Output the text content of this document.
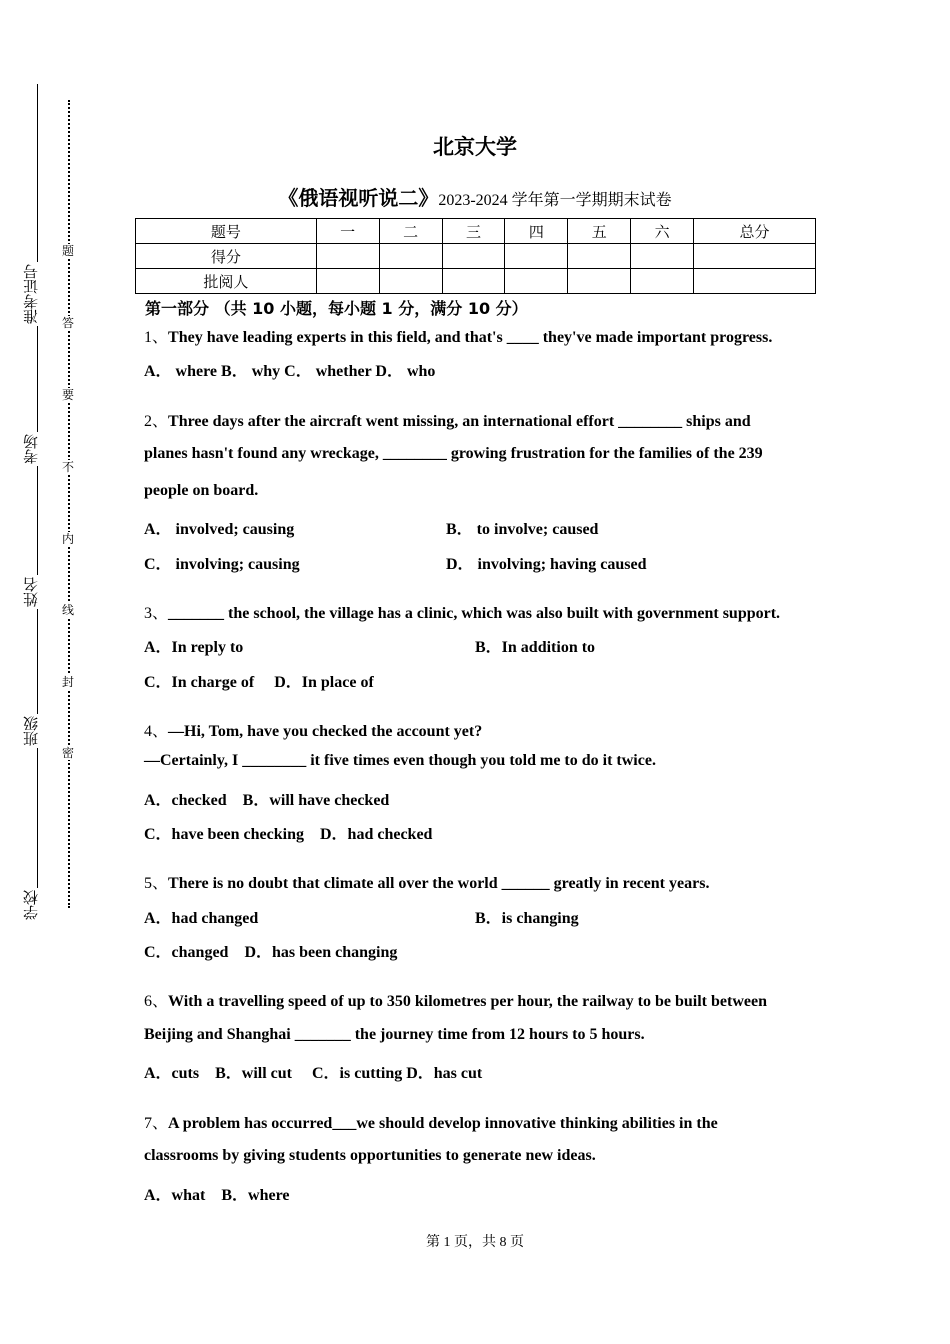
准考证号
考场
姓名
班级
学校
题
答
要
不
内
线
封
密
北京大学
《俄语视听说二》2023-2024 学年第一学期期末试卷
题号	一	二	三	四	五	六	总分
得分							
批阅人							
第一部分 （共 10 小题，每小题 1 分，满分 10 分）
1、They have leading experts in this field, and that's ____ they've made important progress.
A． where B． why C． whether D． who
2、Three days after the aircraft went missing, an international effort ________ ships and
planes hasn't found any wreckage, ________ growing frustration for the families of the 239
people on board.
A． involved; causing	B． to involve; caused
C． involving; causing	D． involving; having caused
3、_______ the school, the village has a clinic, which was also built with government support.
A．In reply to	B．In addition to
C．In charge of　 D．In place of
4、—Hi, Tom, have you checked the account yet?
—Certainly, I ________ it five times even though you told me to do it twice.
A．checked　B．will have checked
C．have been checking　D．had checked
5、There is no doubt that climate all over the world ______ greatly in recent years.
A．had changed	B．is changing
C．changed　D．has been changing
6、With a travelling speed of up to 350 kilometres per hour, the railway to be built between
Beijing and Shanghai _______ the journey time from 12 hours to 5 hours.
A．cuts　B．will cut　 C．is cutting D．has cut
7、A problem has occurred___we should develop innovative thinking abilities in the
classrooms by giving students opportunities to generate new ideas.
A．what　B．where
第 1 页，共 8 页
